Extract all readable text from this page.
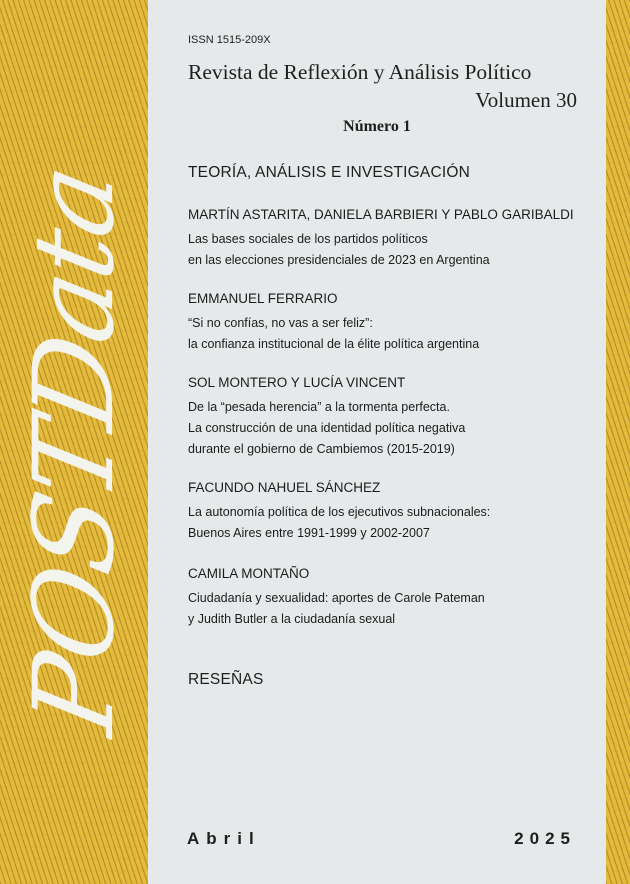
POSTData
ISSN 1515-209X
Revista de Reflexión y Análisis Político
Volumen 30
Número 1
TEORÍA, ANÁLISIS E INVESTIGACIÓN
MARTÍN ASTARITA, DANIELA BARBIERI Y PABLO GARIBALDI
Las bases sociales de los partidos políticos
en las elecciones presidenciales de 2023 en Argentina
EMMANUEL FERRARIO
“Si no confías, no vas a ser feliz”:
la confianza institucional de la élite política argentina
SOL MONTERO Y LUCÍA VINCENT
De la “pesada herencia” a la tormenta perfecta.
La construcción de una identidad política negativa
durante el gobierno de Cambiemos (2015-2019)
FACUNDO NAHUEL SÁNCHEZ
La autonomía política de los ejecutivos subnacionales:
Buenos Aires entre 1991-1999 y 2002-2007
CAMILA MONTAÑO
Ciudadanía y sexualidad: aportes de Carole Pateman
y Judith Butler a la ciudadanía sexual
RESEÑAS
Abril	2025
